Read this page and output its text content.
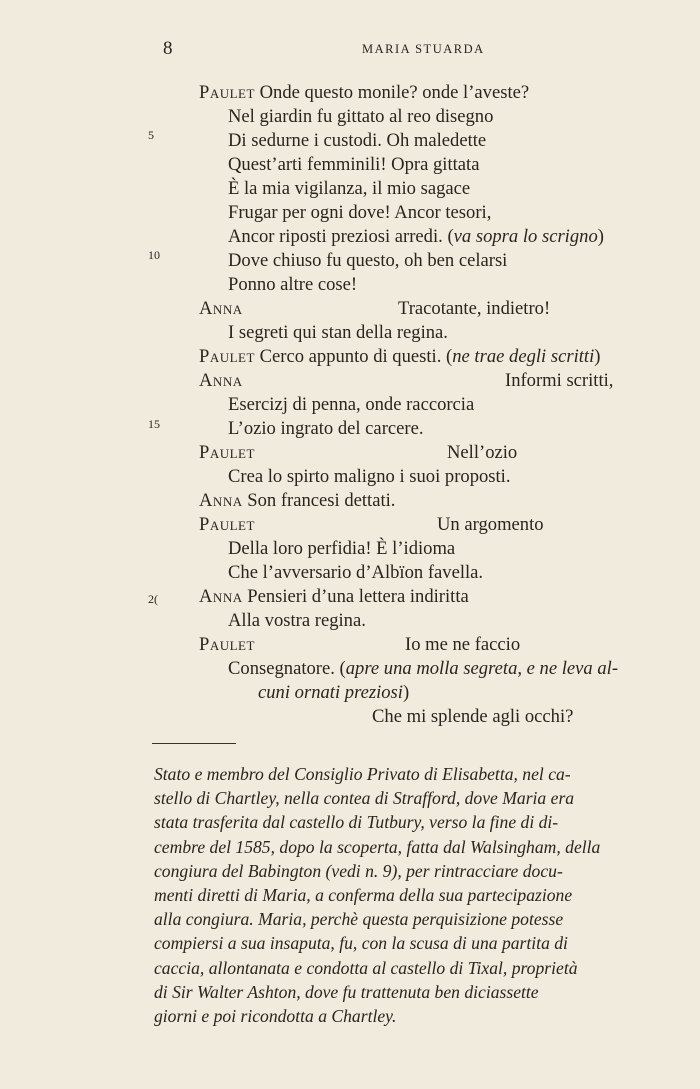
8	MARIA STUARDA
5
10
15
2(
Paulet Onde questo monile? onde l’aveste?
Nel giardin fu gittato al reo disegno
Di sedurne i custodi. Oh maledette
Quest’arti femminili! Opra gittata
È la mia vigilanza, il mio sagace
Frugar per ogni dove! Ancor tesori,
Ancor riposti preziosi arredi. (va sopra lo scrigno)
Dove chiuso fu questo, oh ben celarsi
Ponno altre cose!
Anna	Tracotante, indietro!
I segreti qui stan della regina.
Paulet Cerco appunto di questi. (ne trae degli scritti)
Anna	Informi scritti,
Esercizj di penna, onde raccorcia
L’ozio ingrato del carcere.
Paulet	Nell’ozio
Crea lo spirto maligno i suoi proposti.
Anna Son francesi dettati.
Paulet	Un argomento
Della loro perfidia! È l’idioma
Che l’avversario d’Albïon favella.
Anna Pensieri d’una lettera indiritta
Alla vostra regina.
Paulet	Io me ne faccio
Consegnatore. (apre una molla segreta, e ne leva al-
cuni ornati preziosi)
Che mi splende agli occhi?
Stato e membro del Consiglio Privato di Elisabetta, nel ca-
stello di Chartley, nella contea di Strafford, dove Maria era
stata trasferita dal castello di Tutbury, verso la fine di di-
cembre del 1585, dopo la scoperta, fatta dal Walsingham, della
congiura del Babington (vedi n. 9), per rintracciare docu-
menti diretti di Maria, a conferma della sua partecipazione
alla congiura. Maria, perchè questa perquisizione potesse
compiersi a sua insaputa, fu, con la scusa di una partita di
caccia, allontanata e condotta al castello di Tixal, proprietà
di Sir Walter Ashton, dove fu trattenuta ben diciassette
giorni e poi ricondotta a Chartley.
